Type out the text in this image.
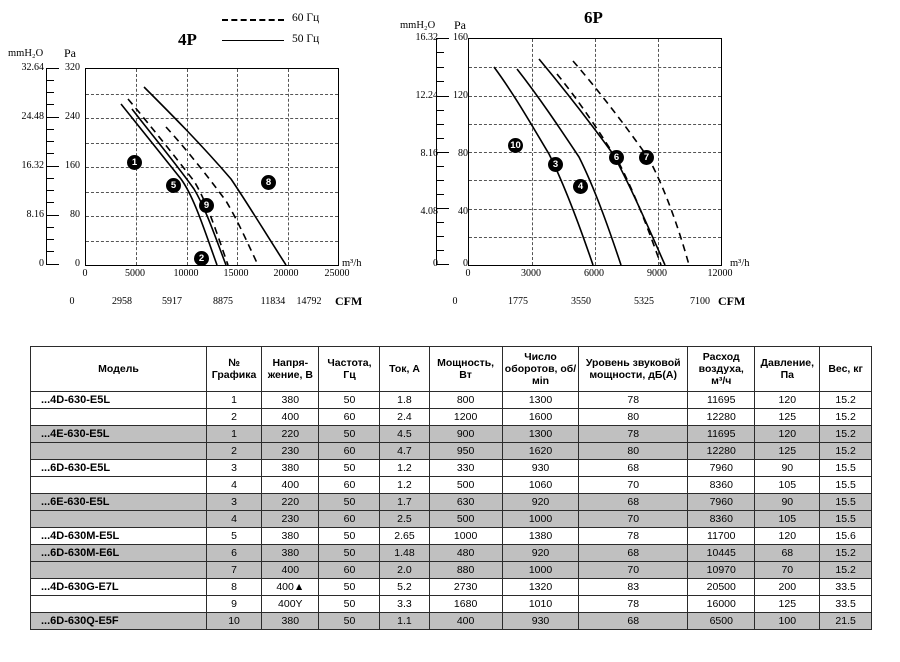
60 Гц
50 Гц
4P
mmH₂O Pa
m³/h
CFM
32.64
24.48
16.32
8.16
0
320
240
160
80
0
1
5
2
9
8
0	5000	10000	15000	20000	25000
0	2958	5917	8875	11834	14792
6P
mmH₂O Pa
m³/h
CFM
16.32
12.24
8.16
4.08
0
160
120
80
40
0
10
3
4
6	7
0	3000	6000	9000	12000
0	1775	3550	5325	7100
Модель	№ Графика	Напря-жение, В	Частота, Гц	Ток, А	Мощность, Вт	Число оборотов, об/мin	Уровень звуковой мощности, дБ(А)	Расход воздуха, м³/ч	Давление, Па	Вес, кг
...4D-630-E5L	1	380	50	1.8	800	1300	78	11695	120	15.2
	2	400	60	2.4	1200	1600	80	12280	125	15.2
...4E-630-E5L	1	220	50	4.5	900	1300	78	11695	120	15.2
	2	230	60	4.7	950	1620	80	12280	125	15.2
...6D-630-E5L	3	380	50	1.2	330	930	68	7960	90	15.5
	4	400	60	1.2	500	1060	70	8360	105	15.5
...6E-630-E5L	3	220	50	1.7	630	920	68	7960	90	15.5
	4	230	60	2.5	500	1000	70	8360	105	15.5
...4D-630M-E5L	5	380	50	2.65	1000	1380	78	11700	120	15.6
...6D-630M-E6L	6	380	50	1.48	480	920	68	10445	68	15.2
	7	400	60	2.0	880	1000	70	10970	70	15.2
...4D-630G-E7L	8	400▲	50	5.2	2730	1320	83	20500	200	33.5
	9	400Y	50	3.3	1680	1010	78	16000	125	33.5
...6D-630Q-E5F	10	380	50	1.1	400	930	68	6500	100	21.5
